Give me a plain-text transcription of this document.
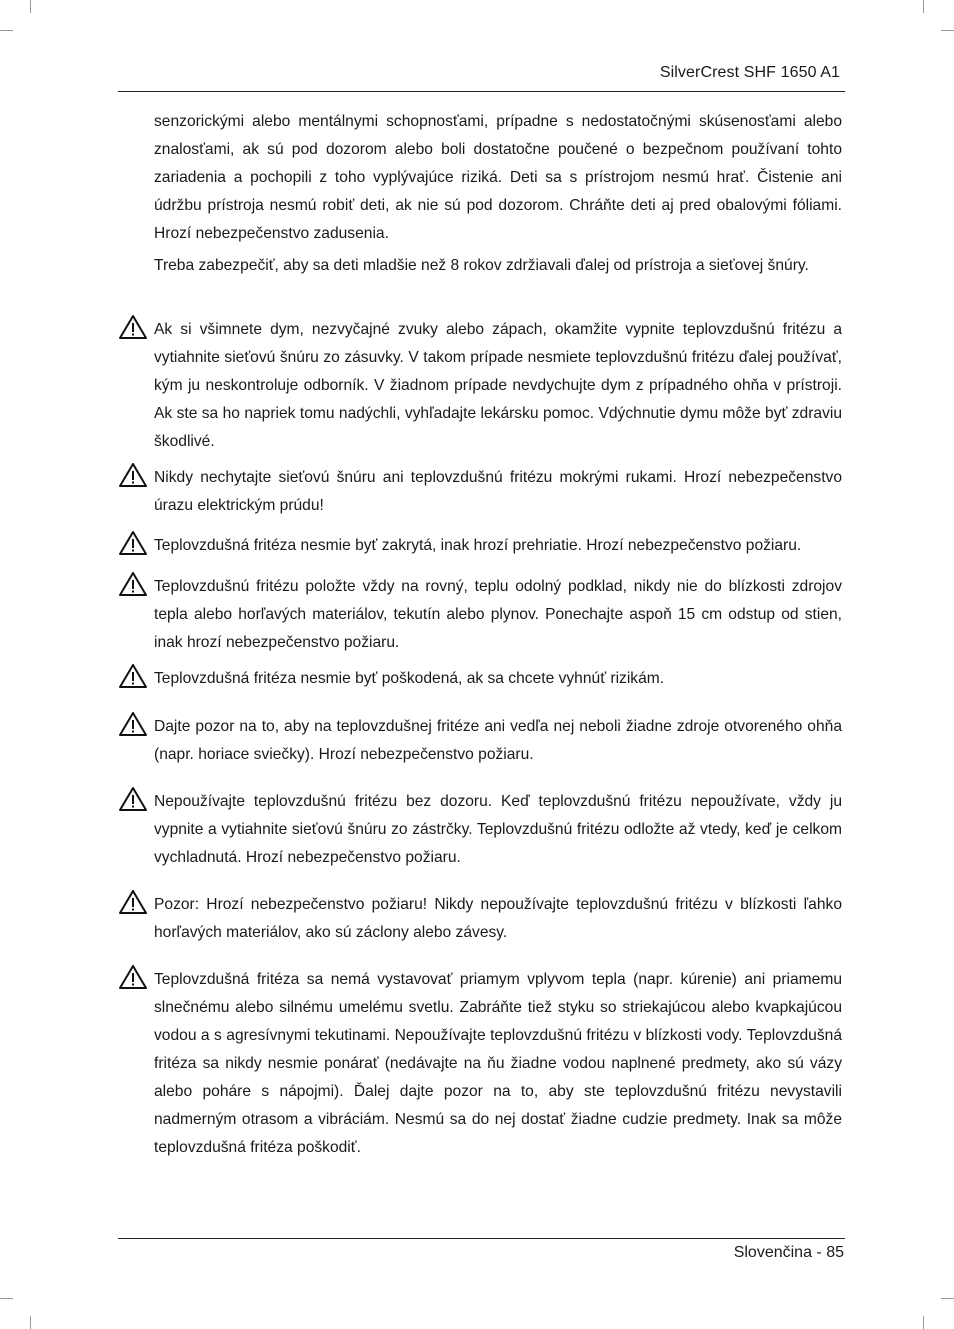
SilverCrest SHF 1650 A1

senzorickými alebo mentálnymi schopnosťami, prípadne s nedostatočnými skúsenosťami alebo znalosťami, ak sú pod dozorom alebo boli dostatočne poučené o bezpečnom používaní tohto zariadenia a pochopili z toho vyplývajúce riziká. Deti sa s prístrojom nesmú hrať. Čistenie ani údržbu prístroja nesmú robiť deti, ak nie sú pod dozorom. Chráňte deti aj pred obalovými fóliami. Hrozí nebezpečenstvo zadusenia.

Treba zabezpečiť, aby sa deti mladšie než 8 rokov zdržiavali ďalej od prístroja a sieťovej šnúry.

Ak si všimnete dym, nezvyčajné zvuky alebo zápach, okamžite vypnite teplovzdušnú fritézu a vytiahnite sieťovú šnúru zo zásuvky. V takom prípade nesmiete teplovzdušnú fritézu ďalej používať, kým ju neskontroluje odborník. V žiadnom prípade nevdychujte dym z prípadného ohňa v prístroji. Ak ste sa ho napriek tomu nadýchli, vyhľadajte lekársku pomoc. Vdýchnutie dymu môže byť zdraviu škodlivé.

Nikdy nechytajte sieťovú šnúru ani teplovzdušnú fritézu mokrými rukami. Hrozí nebezpečenstvo úrazu elektrickým prúdu!

Teplovzdušná fritéza nesmie byť zakrytá, inak hrozí prehriatie. Hrozí nebezpečenstvo požiaru.

Teplovzdušnú fritézu položte vždy na rovný, teplu odolný podklad, nikdy nie do blízkosti zdrojov tepla alebo horľavých materiálov, tekutín alebo plynov. Ponechajte aspoň 15 cm odstup od stien, inak hrozí nebezpečenstvo požiaru.

Teplovzdušná fritéza nesmie byť poškodená, ak sa chcete vyhnúť rizikám.

Dajte pozor na to, aby na teplovzdušnej fritéze ani vedľa nej neboli žiadne zdroje otvoreného ohňa (napr. horiace sviečky). Hrozí nebezpečenstvo požiaru.

Nepoužívajte teplovzdušnú fritézu bez dozoru. Keď teplovzdušnú fritézu nepoužívate, vždy ju vypnite a vytiahnite sieťovú šnúru zo zástrčky. Teplovzdušnú fritézu odložte až vtedy, keď je celkom vychladnutá. Hrozí nebezpečenstvo požiaru.

Pozor: Hrozí nebezpečenstvo požiaru! Nikdy nepoužívajte teplovzdušnú fritézu v blízkosti ľahko horľavých materiálov, ako sú záclony alebo závesy.

Teplovzdušná fritéza sa nemá vystavovať priamym vplyvom tepla (napr. kúrenie) ani priamemu slnečnému alebo silnému umelému svetlu. Zabráňte tiež styku so striekajúcou alebo kvapkajúcou vodou a s agresívnymi tekutinami. Nepoužívajte teplovzdušnú fritézu v blízkosti vody. Teplovzdušná fritéza sa nikdy nesmie ponárať (nedávajte na ňu žiadne vodou naplnené predmety, ako sú vázy alebo poháre s nápojmi). Ďalej dajte pozor na to, aby ste teplovzdušnú fritézu nevystavili nadmerným otrasom a vibráciám. Nesmú sa do nej dostať žiadne cudzie predmety. Inak sa môže teplovzdušná fritéza poškodiť.

Slovenčina - 85
